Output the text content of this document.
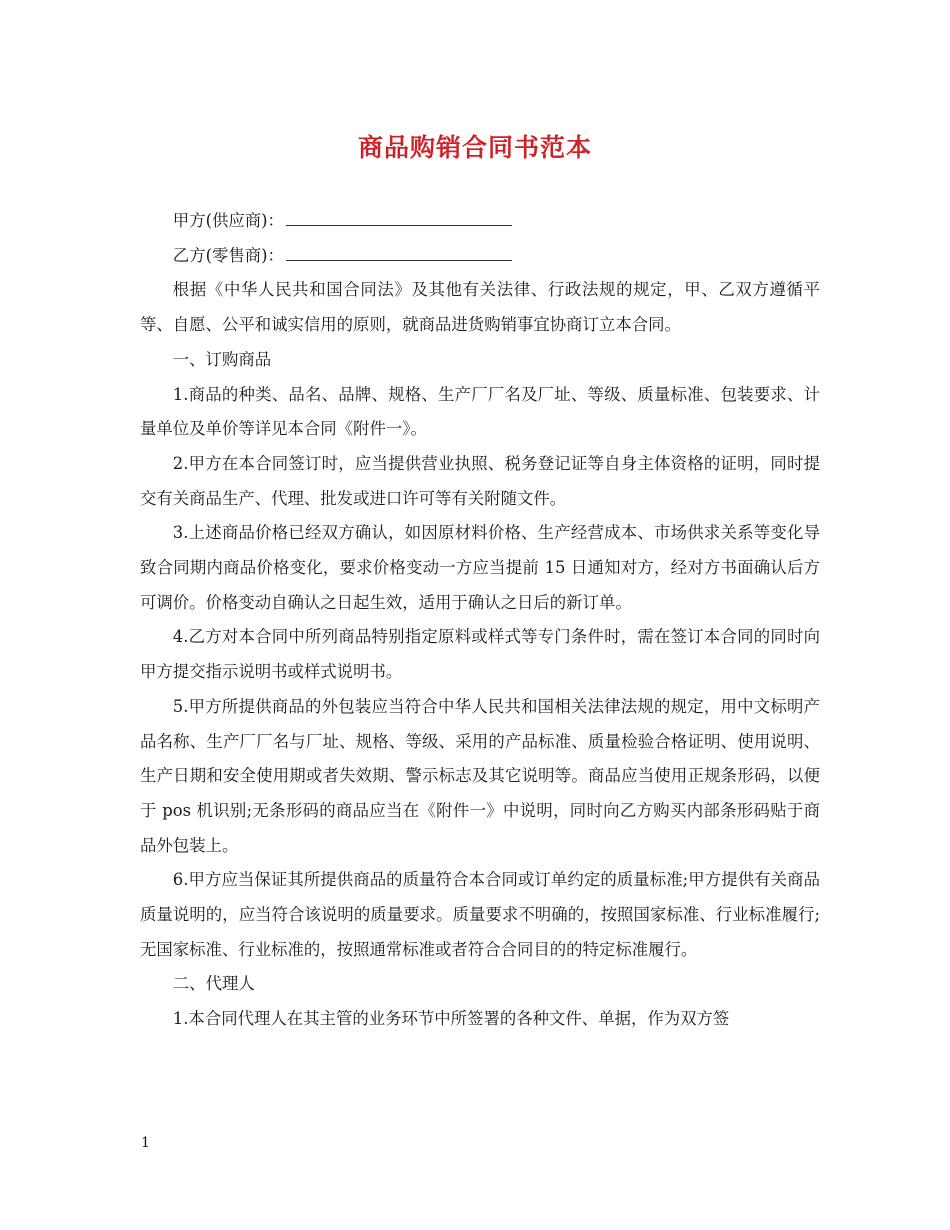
商品购销合同书范本

甲方(供应商)：

乙方(零售商)：

根据《中华人民共和国合同法》及其他有关法律、行政法规的规定，甲、乙双方遵循平等、自愿、公平和诚实信用的原则，就商品进货购销事宜协商订立本合同。

一、订购商品

1.商品的种类、品名、品牌、规格、生产厂厂名及厂址、等级、质量标准、包装要求、计量单位及单价等详见本合同《附件一》。

2.甲方在本合同签订时，应当提供营业执照、税务登记证等自身主体资格的证明，同时提交有关商品生产、代理、批发或进口许可等有关附随文件。

3.上述商品价格已经双方确认，如因原材料价格、生产经营成本、市场供求关系等变化导致合同期内商品价格变化，要求价格变动一方应当提前 15 日通知对方，经对方书面确认后方可调价。价格变动自确认之日起生效，适用于确认之日后的新订单。

4.乙方对本合同中所列商品特别指定原料或样式等专门条件时，需在签订本合同的同时向甲方提交指示说明书或样式说明书。

5.甲方所提供商品的外包装应当符合中华人民共和国相关法律法规的规定，用中文标明产品名称、生产厂厂名与厂址、规格、等级、采用的产品标准、质量检验合格证明、使用说明、生产日期和安全使用期或者失效期、警示标志及其它说明等。商品应当使用正规条形码，以便于 pos 机识别;无条形码的商品应当在《附件一》中说明，同时向乙方购买内部条形码贴于商品外包装上。

6.甲方应当保证其所提供商品的质量符合本合同或订单约定的质量标准;甲方提供有关商品质量说明的，应当符合该说明的质量要求。质量要求不明确的，按照国家标准、行业标准履行;无国家标准、行业标准的，按照通常标准或者符合合同目的的特定标准履行。

二、代理人

1.本合同代理人在其主管的业务环节中所签署的各种文件、单据，作为双方签

1
